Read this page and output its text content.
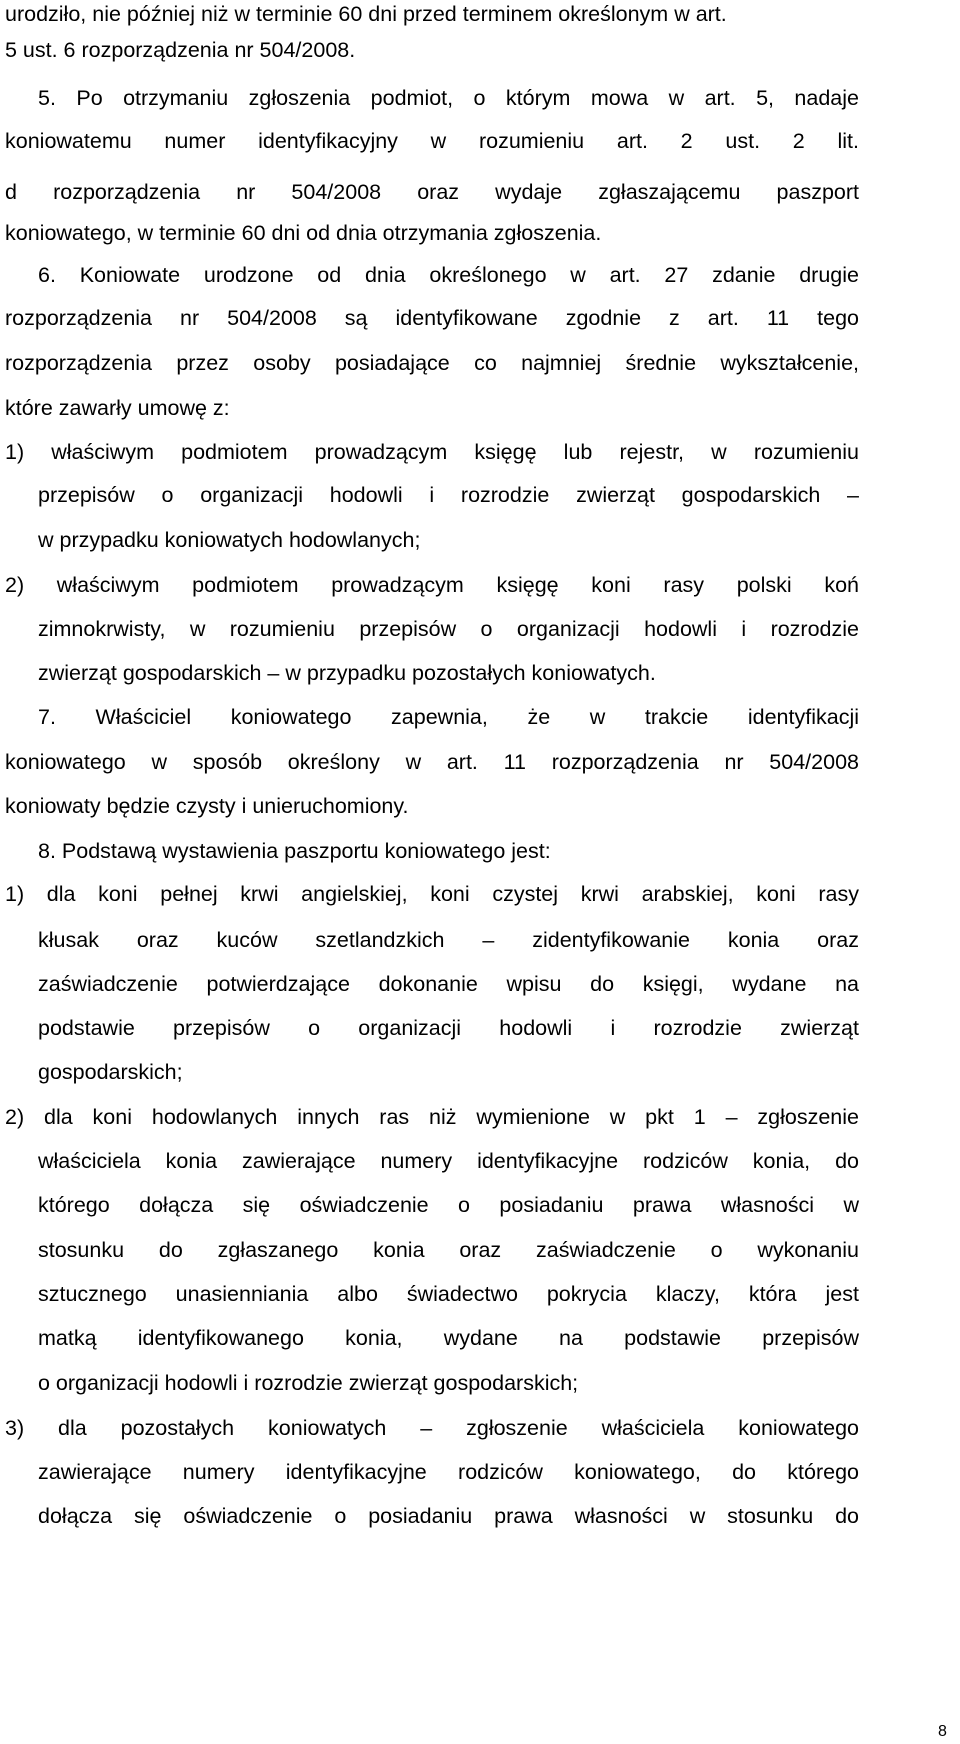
urodziło, nie później niż w terminie 60 dni przed terminem określonym w art.

5 ust. 6 rozporządzenia nr 504/2008.

5. Po otrzymaniu zgłoszenia podmiot, o którym mowa w art. 5, nadaje

koniowatemu numer identyfikacyjny w rozumieniu art. 2 ust. 2 lit.

d rozporządzenia nr 504/2008 oraz wydaje zgłaszającemu paszport

koniowatego, w terminie 60 dni od dnia otrzymania zgłoszenia.

6. Koniowate urodzone od dnia określonego w art. 27 zdanie drugie

rozporządzenia nr 504/2008 są identyfikowane zgodnie z art. 11 tego

rozporządzenia przez osoby posiadające co najmniej średnie wykształcenie,

które zawarły umowę z:

1) właściwym podmiotem prowadzącym księgę lub rejestr, w rozumieniu

przepisów o organizacji hodowli i rozrodzie zwierząt gospodarskich –

w przypadku koniowatych hodowlanych;

2) właściwym podmiotem prowadzącym księgę koni rasy polski koń

zimnokrwisty, w rozumieniu przepisów o organizacji hodowli i rozrodzie

zwierząt gospodarskich – w przypadku pozostałych koniowatych.

7. Właściciel koniowatego zapewnia, że w trakcie identyfikacji

koniowatego w sposób określony w art. 11 rozporządzenia nr 504/2008

koniowaty będzie czysty i unieruchomiony.

8. Podstawą wystawienia paszportu koniowatego jest:

1) dla koni pełnej krwi angielskiej, koni czystej krwi arabskiej, koni rasy

kłusak oraz kuców szetlandzkich – zidentyfikowanie konia oraz

zaświadczenie potwierdzające dokonanie wpisu do księgi, wydane na

podstawie przepisów o organizacji hodowli i rozrodzie zwierząt

gospodarskich;

2) dla koni hodowlanych innych ras niż wymienione w pkt 1 – zgłoszenie

właściciela konia zawierające numery identyfikacyjne rodziców konia, do

którego dołącza się oświadczenie o posiadaniu prawa własności w

stosunku do zgłaszanego konia oraz zaświadczenie o wykonaniu

sztucznego unasienniania albo świadectwo pokrycia klaczy, która jest

matką identyfikowanego konia, wydane na podstawie przepisów

o organizacji hodowli i rozrodzie zwierząt gospodarskich;

3) dla pozostałych koniowatych – zgłoszenie właściciela koniowatego

zawierające numery identyfikacyjne rodziców koniowatego, do którego

dołącza się oświadczenie o posiadaniu prawa własności w stosunku do

8
